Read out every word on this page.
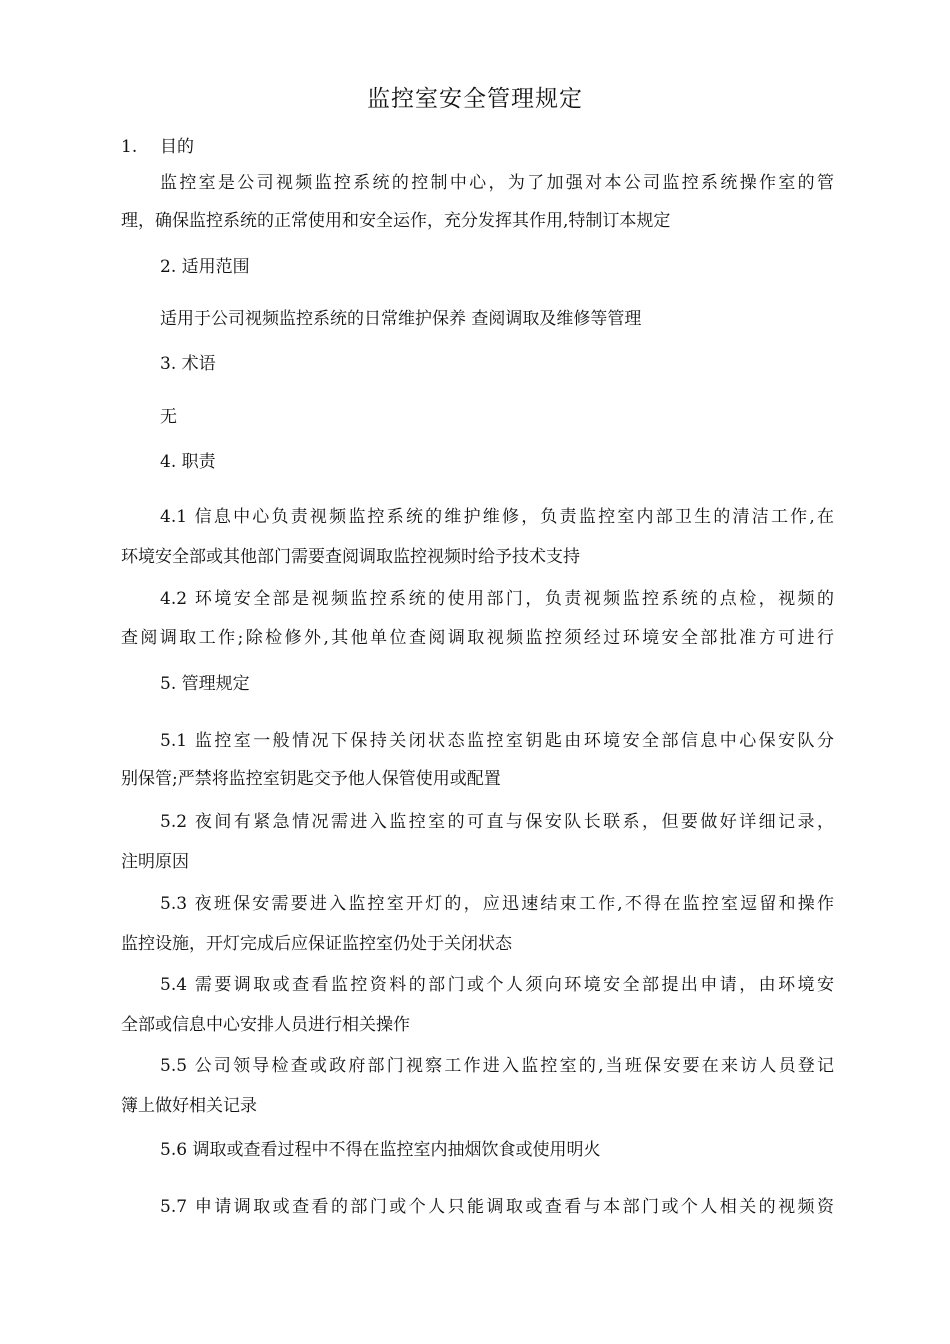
监控室安全管理规定
1. 目的
监控室是公司视频监控系统的控制中心，为了加强对本公司监控系统操作室的管
理，确保监控系统的正常使用和安全运作，充分发挥其作用,特制订本规定
2. 适用范围
适用于公司视频监控系统的日常维护保养 查阅调取及维修等管理
3. 术语
无
4. 职责
4.1 信息中心负责视频监控系统的维护维修，负责监控室内部卫生的清洁工作,在
环境安全部或其他部门需要查阅调取监控视频时给予技术支持
4.2 环境安全部是视频监控系统的使用部门，负责视频监控系统的点检，视频的
查阅调取工作;除检修外,其他单位查阅调取视频监控须经过环境安全部批准方可进行
5. 管理规定
5.1 监控室一般情况下保持关闭状态监控室钥匙由环境安全部信息中心保安队分
别保管;严禁将监控室钥匙交予他人保管使用或配置
5.2 夜间有紧急情况需进入监控室的可直与保安队长联系，但要做好详细记录，
注明原因
5.3 夜班保安需要进入监控室开灯的，应迅速结束工作,不得在监控室逗留和操作
监控设施，开灯完成后应保证监控室仍处于关闭状态
5.4 需要调取或查看监控资料的部门或个人须向环境安全部提出申请，由环境安
全部或信息中心安排人员进行相关操作
5.5 公司领导检查或政府部门视察工作进入监控室的,当班保安要在来访人员登记
簿上做好相关记录
5.6 调取或查看过程中不得在监控室内抽烟饮食或使用明火
5.7 申请调取或查看的部门或个人只能调取或查看与本部门或个人相关的视频资
